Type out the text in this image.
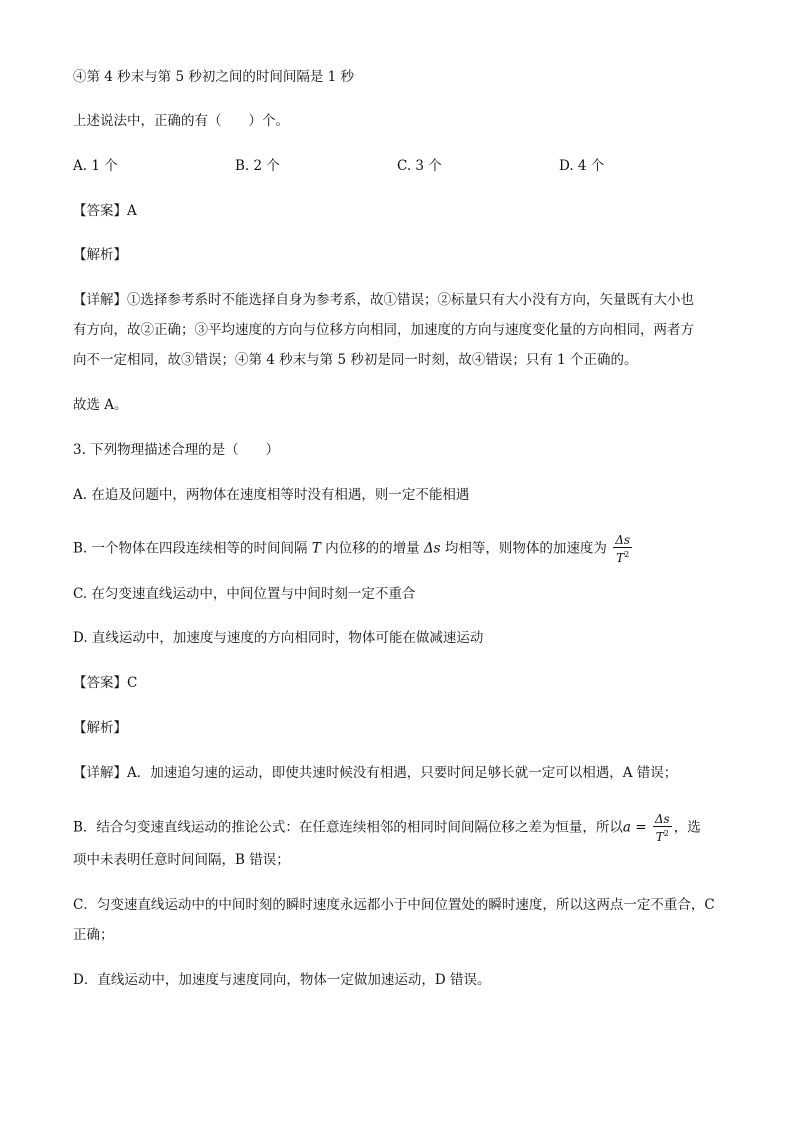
④第 4 秒末与第 5 秒初之间的时间间隔是 1 秒
上述说法中，正确的有（　　）个。
A. 1 个	B. 2 个	C. 3 个	D. 4 个
【答案】A
【解析】
【详解】①选择参考系时不能选择自身为参考系，故①错误；②标量只有大小没有方向，矢量既有大小也
有方向，故②正确；③平均速度的方向与位移方向相同，加速度的方向与速度变化量的方向相同，两者方
向不一定相同，故③错误；④第 4 秒末与第 5 秒初是同一时刻，故④错误；只有 1 个正确的。
故选 A。
3. 下列物理描述合理的是（　　）
A. 在追及问题中，两物体在速度相等时没有相遇，则一定不能相遇
B. 一个物体在四段连续相等的时间间隔 T 内位移的的增量 Δs 均相等，则物体的加速度为 $\frac{\Delta s}{T^2}$
C. 在匀变速直线运动中，中间位置与中间时刻一定不重合
D. 直线运动中，加速度与速度的方向相同时，物体可能在做减速运动
【答案】C
【解析】
【详解】A．加速追匀速的运动，即使共速时候没有相遇，只要时间足够长就一定可以相遇，A 错误；
B．结合匀变速直线运动的推论公式：在任意连续相邻的相同时间间隔位移之差为恒量，所以$a = \frac{\Delta s}{T^2}$ ，选
项中未表明任意时间间隔，B 错误；
C．匀变速直线运动中的中间时刻的瞬时速度永远都小于中间位置处的瞬时速度，所以这两点一定不重合，C
正确；
D．直线运动中，加速度与速度同向，物体一定做加速运动，D 错误。
